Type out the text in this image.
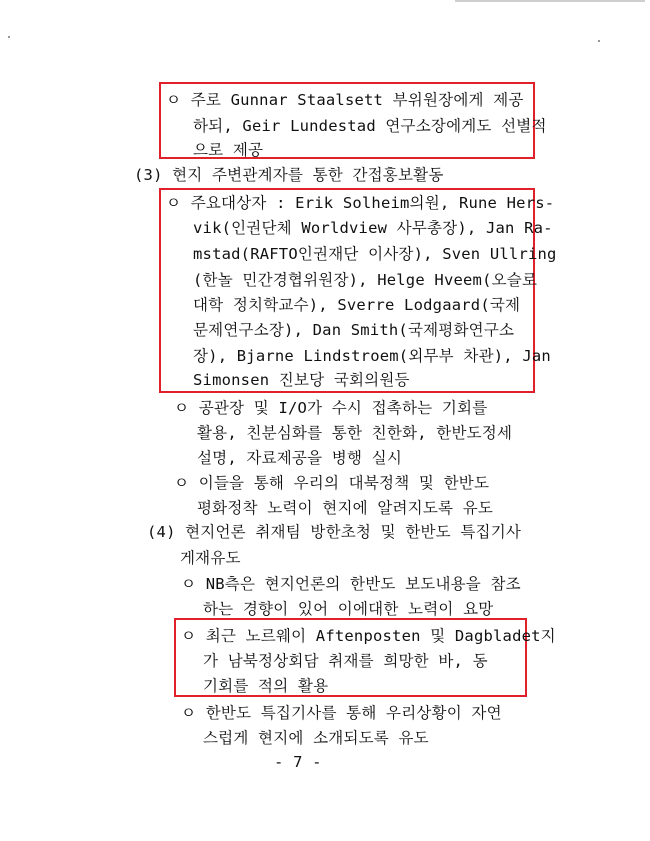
ㅇ 주로 Gunnar Staalsett 부위원장에게 제공
하되, Geir Lundestad 연구소장에게도 선별적
으로 제공
(3) 현지 주변관계자를 통한 간접홍보활동
ㅇ 주요대상자 : Erik Solheim의원, Rune Hers-
vik(인권단체 Worldview 사무총장), Jan Ra-
mstad(RAFTO인권재단 이사장), Sven Ullring
(한놀 민간경협위원장), Helge Hveem(오슬로
대학 정치학교수), Sverre Lodgaard(국제
문제연구소장), Dan Smith(국제평화연구소
장), Bjarne Lindstroem(외무부 차관), Jan
Simonsen 진보당 국회의원등
ㅇ 공관장 및 I/O가 수시 접촉하는 기회를
활용, 친분심화를 통한 친한화, 한반도정세
설명, 자료제공을 병행 실시
ㅇ 이들을 통해 우리의 대북정책 및 한반도
평화정착 노력이 현지에 알려지도록 유도
(4) 현지언론 취재팀 방한초청 및 한반도 특집기사
게재유도
ㅇ NB측은 현지언론의 한반도 보도내용을 참조
하는 경향이 있어 이에대한 노력이 요망
ㅇ 최근 노르웨이 Aftenposten 및 Dagbladet지
가 남북정상회담 취재를 희망한 바, 동
기회를 적의 활용
ㅇ 한반도 특집기사를 통해 우리상황이 자연
스럽게 현지에 소개되도록 유도
- 7 -
